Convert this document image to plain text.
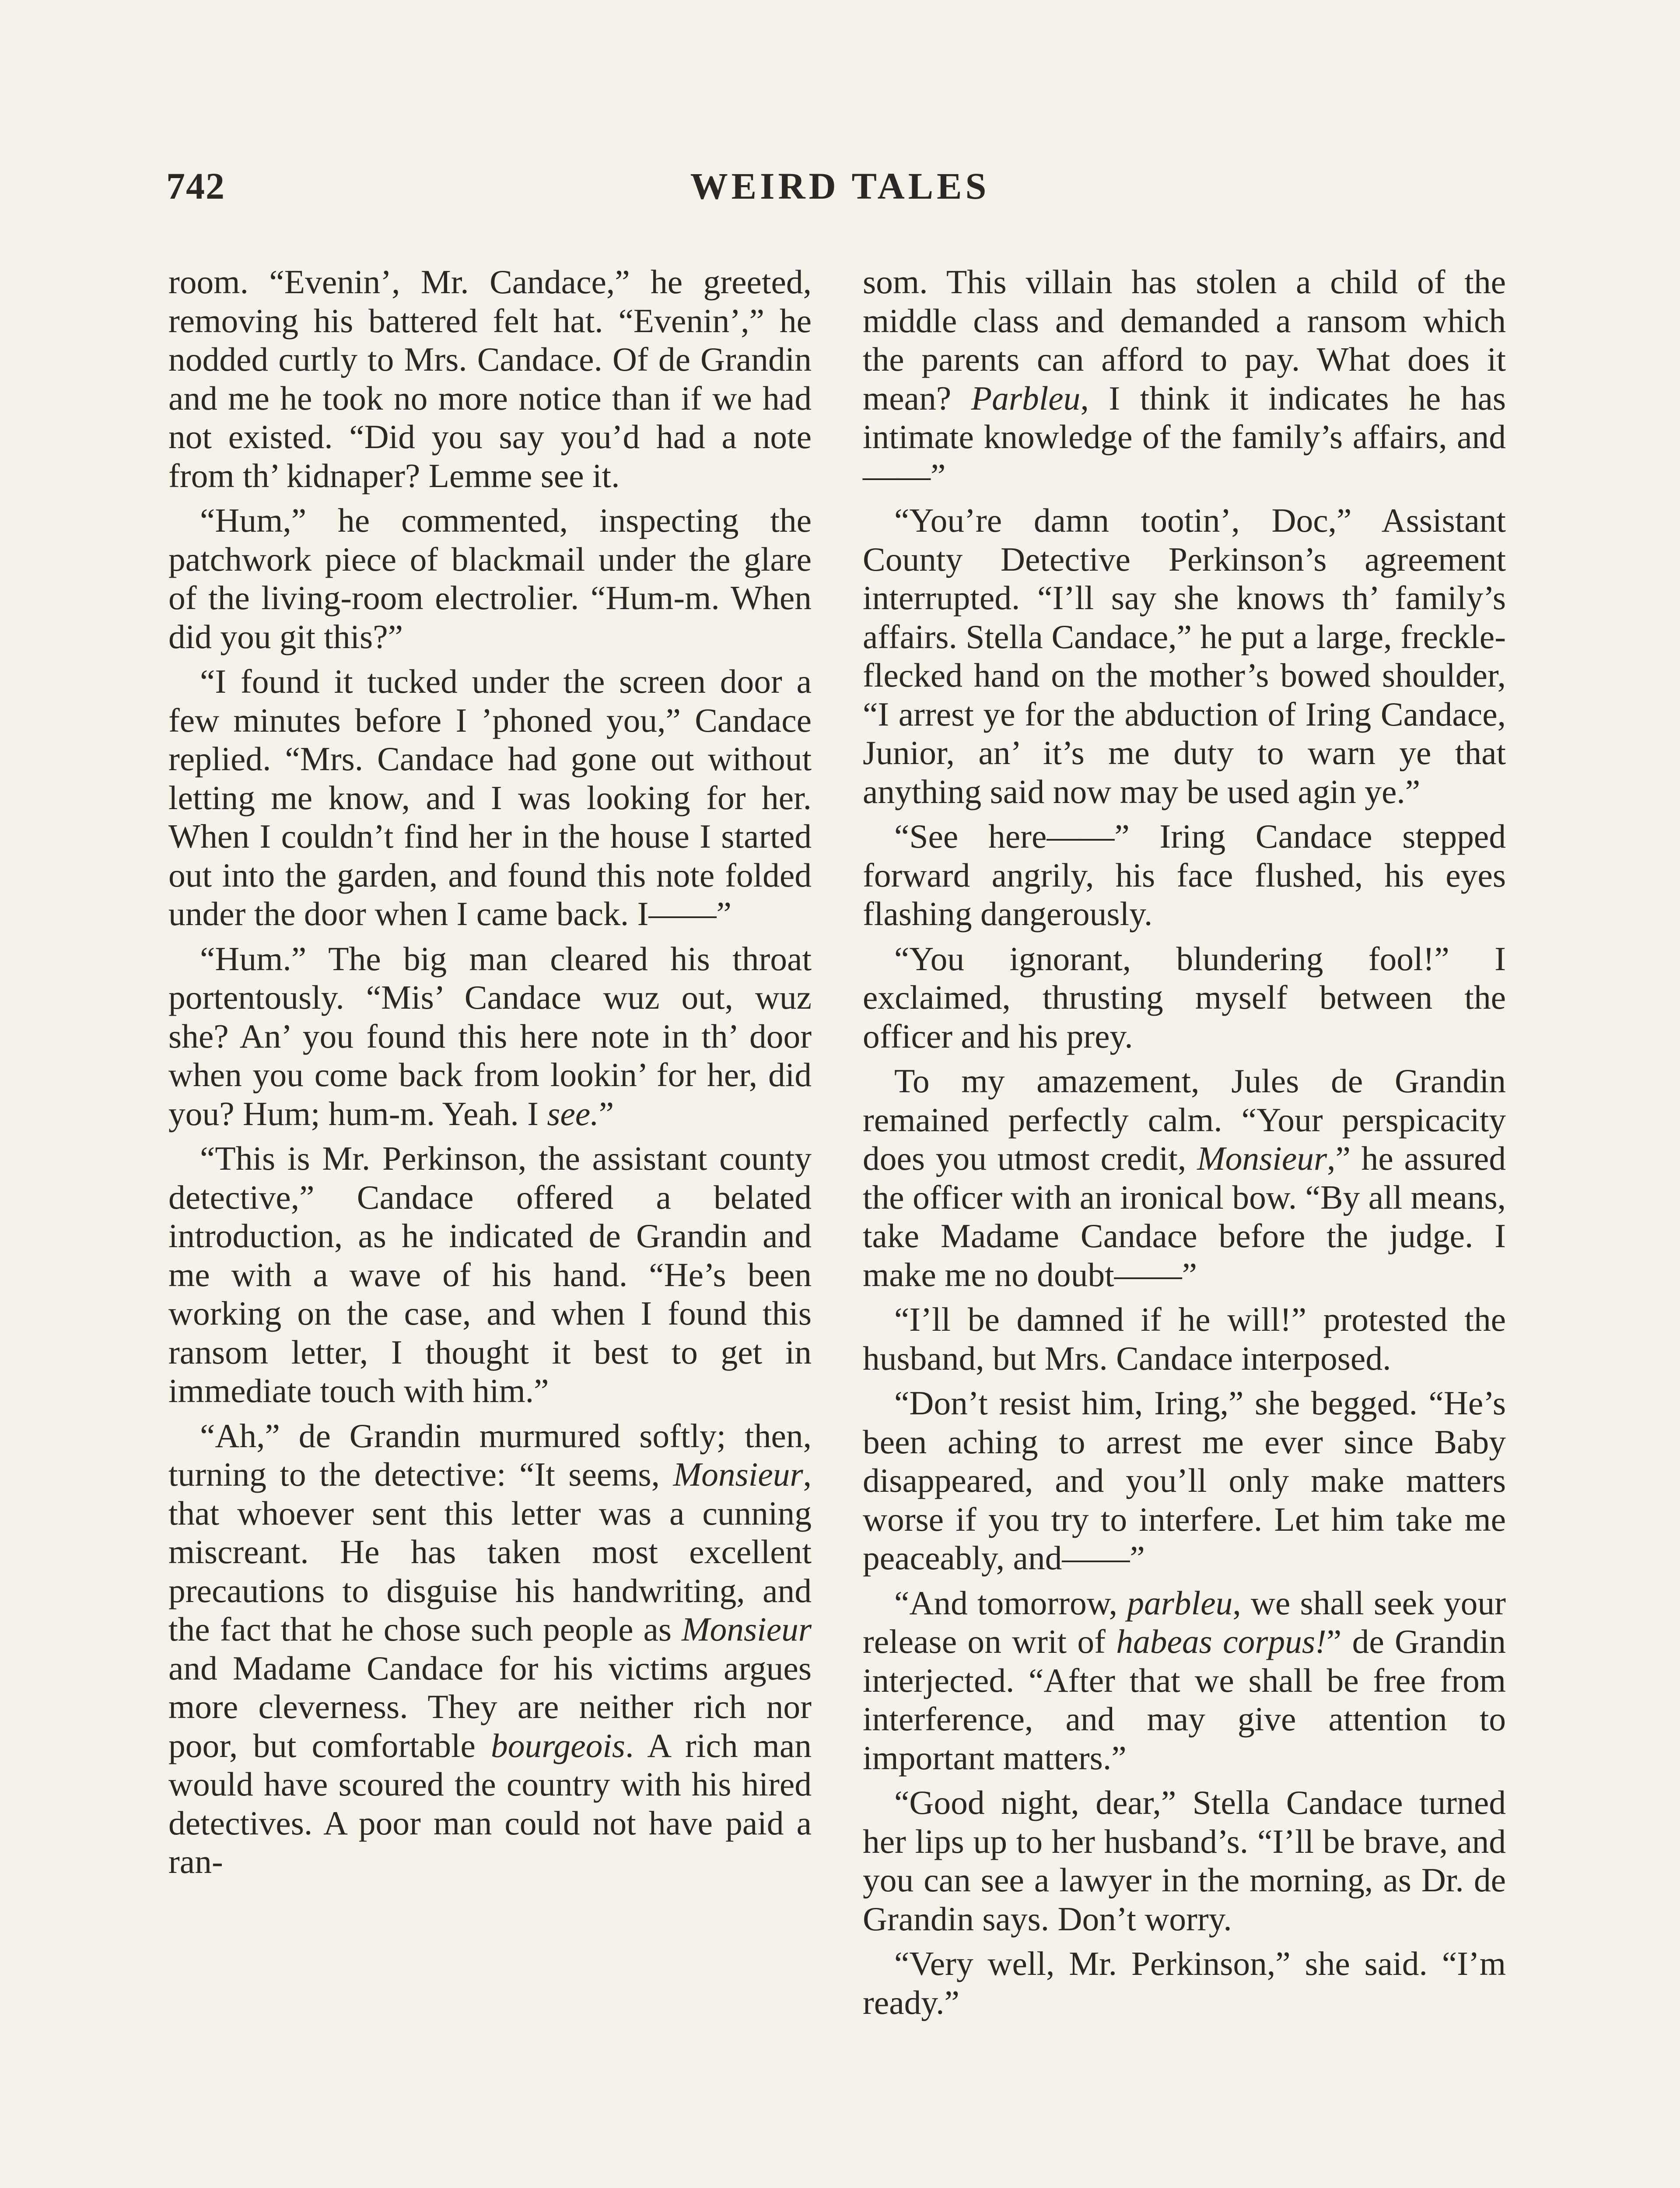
742	WEIRD TALES

room. “Evenin’, Mr. Candace,” he greeted, removing his battered felt hat. “Evenin’,” he nodded curtly to Mrs. Candace. Of de Grandin and me he took no more notice than if we had not existed. “Did you say you’d had a note from th’ kidnaper? Lemme see it.

“Hum,” he commented, inspecting the patchwork piece of blackmail under the glare of the living-room electrolier. “Hum-m. When did you git this?”

“I found it tucked under the screen door a few minutes before I ’phoned you,” Candace replied. “Mrs. Candace had gone out without letting me know, and I was looking for her. When I couldn’t find her in the house I started out into the garden, and found this note folded under the door when I came back. I——”

“Hum.” The big man cleared his throat portentously. “Mis’ Candace wuz out, wuz she? An’ you found this here note in th’ door when you come back from lookin’ for her, did you? Hum; hum-m. Yeah. I see.”

“This is Mr. Perkinson, the assistant county detective,” Candace offered a belated introduction, as he indicated de Grandin and me with a wave of his hand. “He’s been working on the case, and when I found this ransom letter, I thought it best to get in immediate touch with him.”

“Ah,” de Grandin murmured softly; then, turning to the detective: “It seems, Monsieur, that whoever sent this letter was a cunning miscreant. He has taken most excellent precautions to disguise his handwriting, and the fact that he chose such people as Monsieur and Madame Candace for his victims argues more cleverness. They are neither rich nor poor, but comfortable bourgeois. A rich man would have scoured the country with his hired detectives. A poor man could not have paid a ran-

som. This villain has stolen a child of the middle class and demanded a ransom which the parents can afford to pay. What does it mean? Parbleu, I think it indicates he has intimate knowledge of the family’s affairs, and——”

“You’re damn tootin’, Doc,” Assistant County Detective Perkinson’s agreement interrupted. “I’ll say she knows th’ family’s affairs. Stella Candace,” he put a large, freckle-flecked hand on the mother’s bowed shoulder, “I arrest ye for the abduction of Iring Candace, Junior, an’ it’s me duty to warn ye that anything said now may be used agin ye.”

“See here——” Iring Candace stepped forward angrily, his face flushed, his eyes flashing dangerously.

“You ignorant, blundering fool!” I exclaimed, thrusting myself between the officer and his prey.

To my amazement, Jules de Grandin remained perfectly calm. “Your perspicacity does you utmost credit, Monsieur,” he assured the officer with an ironical bow. “By all means, take Madame Candace before the judge. I make me no doubt——”

“I’ll be damned if he will!” protested the husband, but Mrs. Candace interposed.

“Don’t resist him, Iring,” she begged. “He’s been aching to arrest me ever since Baby disappeared, and you’ll only make matters worse if you try to interfere. Let him take me peaceably, and——”

“And tomorrow, parbleu, we shall seek your release on writ of habeas corpus!” de Grandin interjected. “After that we shall be free from interference, and may give attention to important matters.”

“Good night, dear,” Stella Candace turned her lips up to her husband’s. “I’ll be brave, and you can see a lawyer in the morning, as Dr. de Grandin says. Don’t worry.

“Very well, Mr. Perkinson,” she said. “I’m ready.”
